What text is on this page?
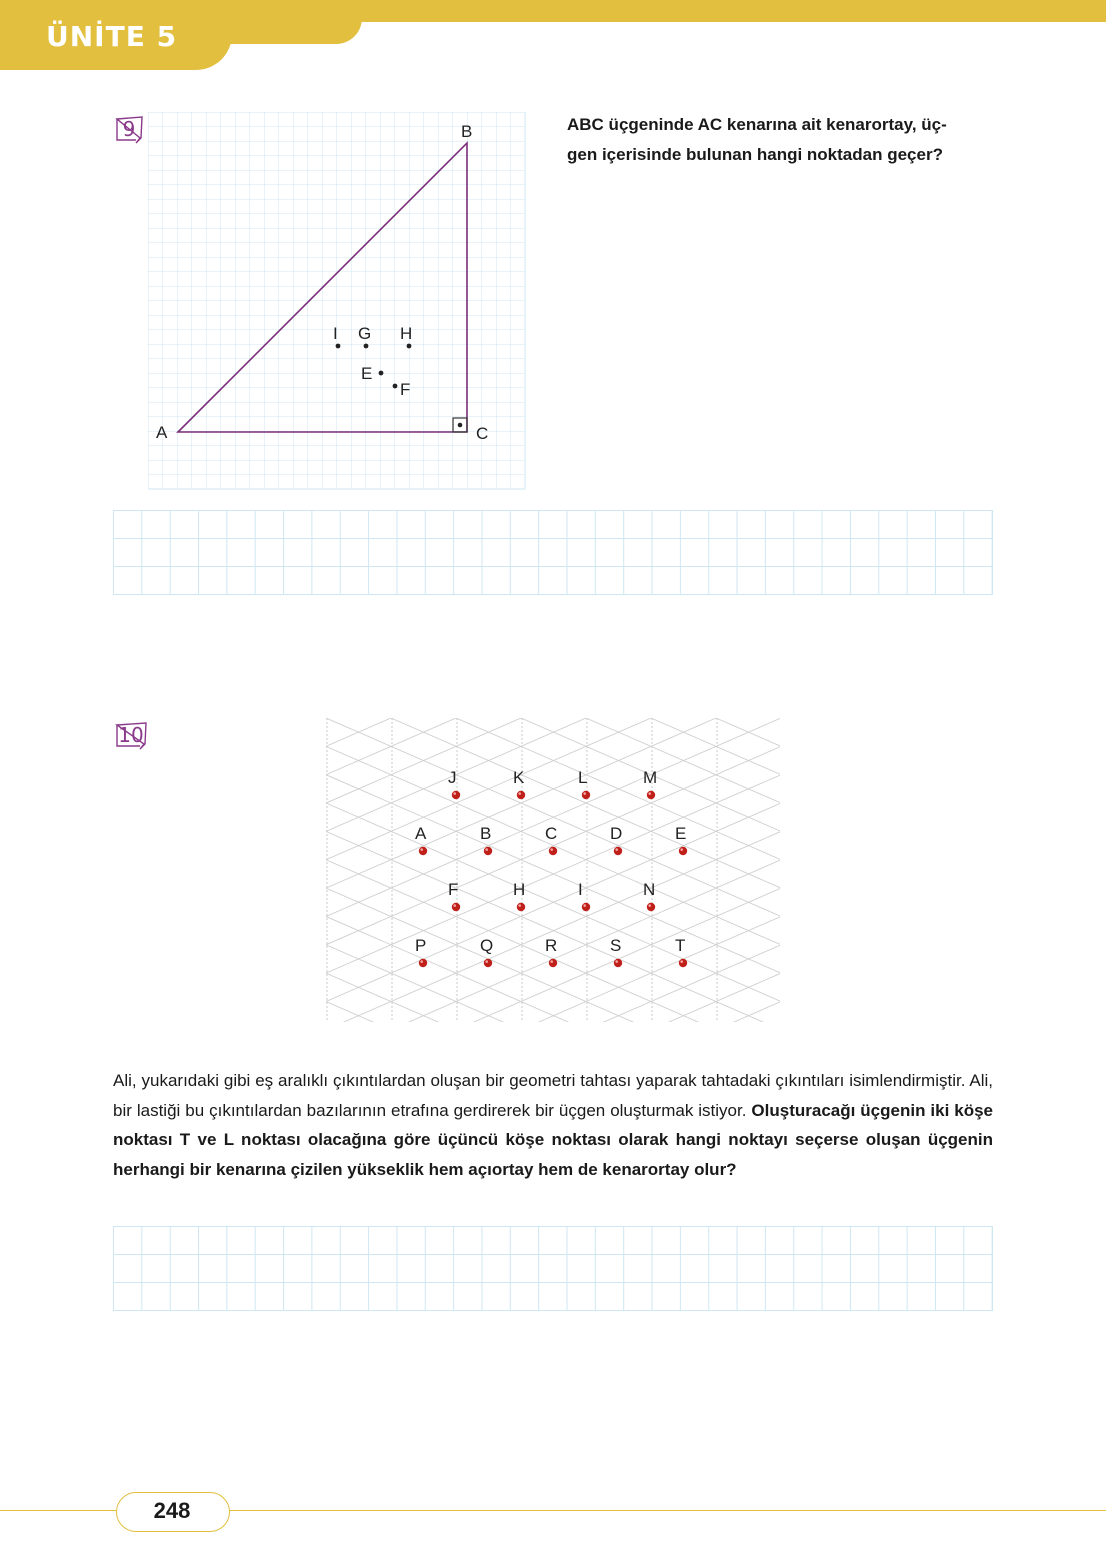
ÜNİTE 5
9
A
B
C
I G H
E
F
ABC üçgeninde AC kenarına ait kenarortay, üç-
gen içerisinde bulunan hangi noktadan geçer?
10
J	K	L	M
A	B	C	D	E
F	H	I	N
P	Q	R	S	T
Ali, yukarıdaki gibi eş aralıklı çıkıntılardan oluşan bir geometri tahtası yaparak tahtadaki çıkıntıları isimlendirmiştir. Ali, bir lastiği bu çıkıntılardan bazılarının etrafına gerdirerek bir üçgen oluşturmak istiyor. Oluşturacağı üçgenin iki köşe noktası T ve L noktası olacağına göre üçüncü köşe noktası olarak hangi noktayı seçerse oluşan üçgenin herhangi bir kenarına çizilen yükseklik hem açıortay hem de kenarortay olur?
248
